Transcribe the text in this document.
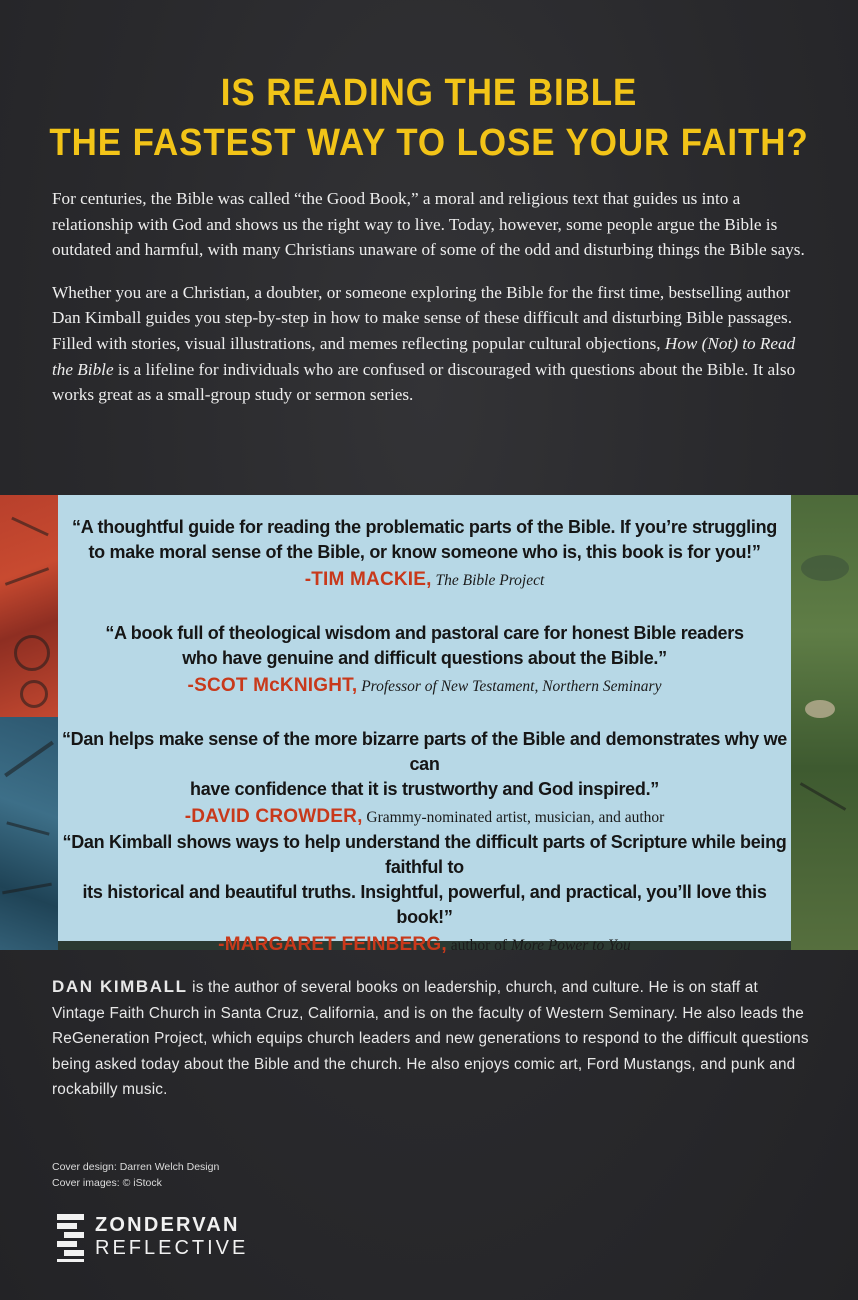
IS READING THE BIBLE
THE FASTEST WAY TO LOSE YOUR FAITH?

For centuries, the Bible was called “the Good Book,” a moral and religious text that guides us into a relationship with God and shows us the right way to live. Today, however, some people argue the Bible is outdated and harmful, with many Christians unaware of some of the odd and disturbing things the Bible says.

Whether you are a Christian, a doubter, or someone exploring the Bible for the first time, bestselling author Dan Kimball guides you step-by-step in how to make sense of these difficult and disturbing Bible passages. Filled with stories, visual illustrations, and memes reflecting popular cultural objections, How (Not) to Read the Bible is a lifeline for individuals who are confused or discouraged with questions about the Bible. It also works great as a small-group study or sermon series.

“A thoughtful guide for reading the problematic parts of the Bible. If you’re struggling
to make moral sense of the Bible, or know someone who is, this book is for you!”
-TIM MACKIE, The Bible Project
“A book full of theological wisdom and pastoral care for honest Bible readers
who have genuine and difficult questions about the Bible.”
-SCOT McKNIGHT, Professor of New Testament, Northern Seminary
“Dan helps make sense of the more bizarre parts of the Bible and demonstrates why we can
have confidence that it is trustworthy and God inspired.”
-DAVID CROWDER, Grammy-nominated artist, musician, and author
“Dan Kimball shows ways to help understand the difficult parts of Scripture while being faithful to
its historical and beautiful truths. Insightful, powerful, and practical, you’ll love this book!”
-MARGARET FEINBERG, author of More Power to You
DAN KIMBALL is the author of several books on leadership, church, and culture. He is on staff at Vintage Faith Church in Santa Cruz, California, and is on the faculty of Western Seminary. He also leads the ReGeneration Project, which equips church leaders and new generations to respond to the difficult questions being asked today about the Bible and the church. He also enjoys comic art, Ford Mustangs, and punk and rockabilly music.
Cover design: Darren Welch Design
Cover images: © iStock
ZONDERVAN
REFLECTIVE
